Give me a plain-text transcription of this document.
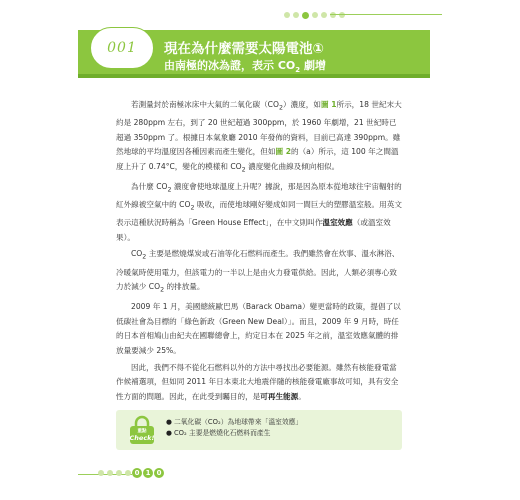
001 現在為什麼需要太陽電池①
由南極的冰為證，表示 $CO_2$ 劇增

若測量封於南極冰床中大氣的二氧化碳$(CO_2)$濃度，如圖 1所示，18 世紀末大約是 280ppm 左右，到了 20 世紀超過 300ppm，於 1960 年劇增，21 世紀時已超過 350ppm 了。根據日本氣象廳 2010 年發佈的資料，目前已高達 390ppm。雖然地球的平均溫度因各種因素而產生變化，但如圖 2的（a）所示，這 100 年之間溫度上升了 0.74°C，變化的模樣和 $CO_2$ 濃度變化曲線及傾向相似。

為什麼 $CO_2$ 濃度會使地球溫度上升呢？據說，那是因為原本從地球往宇宙輻射的紅外線被空氣中的 $CO_2$ 吸收，而使地球剛好變成如同一間巨大的塑膠溫室般。用英文表示這種狀況時稱為「Green House Effect」，在中文則叫作溫室效應（或溫室效果）。

$CO_2$ 主要是燃燒煤炭或石油等化石燃料而產生。我們雖然會在炊事、溫水淋浴、冷暖氣時使用電力，但該電力的一半以上是由火力發電供給。因此，人類必須專心致力於減少 $CO_2$ 的排放量。

2009 年 1 月，美國總統歐巴馬（Barack Obama）變更當時的政策，提倡了以低碳社會為目標的「綠色新政（Green New Deal）」。而且，2009 年 9 月時，時任的日本首相鳩山由紀夫在國聯總會上，約定日本在 2025 年之前，溫室效應氣體的排放量要減少 25%。

因此，我們不得不從化石燃料以外的方法中尋找出必要能源。雖然有核能發電當作候補選項，但如同 2011 年日本東北大地震伴隨的核能發電廠事故可知，具有安全性方面的問題。因此，在此受到矚目的，是可再生能源。

重點
Check!
● 二氧化碳（CO₂）為地球帶來「溫室效應」
● CO₂ 主要是燃燒化石燃料而產生
0 1 0
